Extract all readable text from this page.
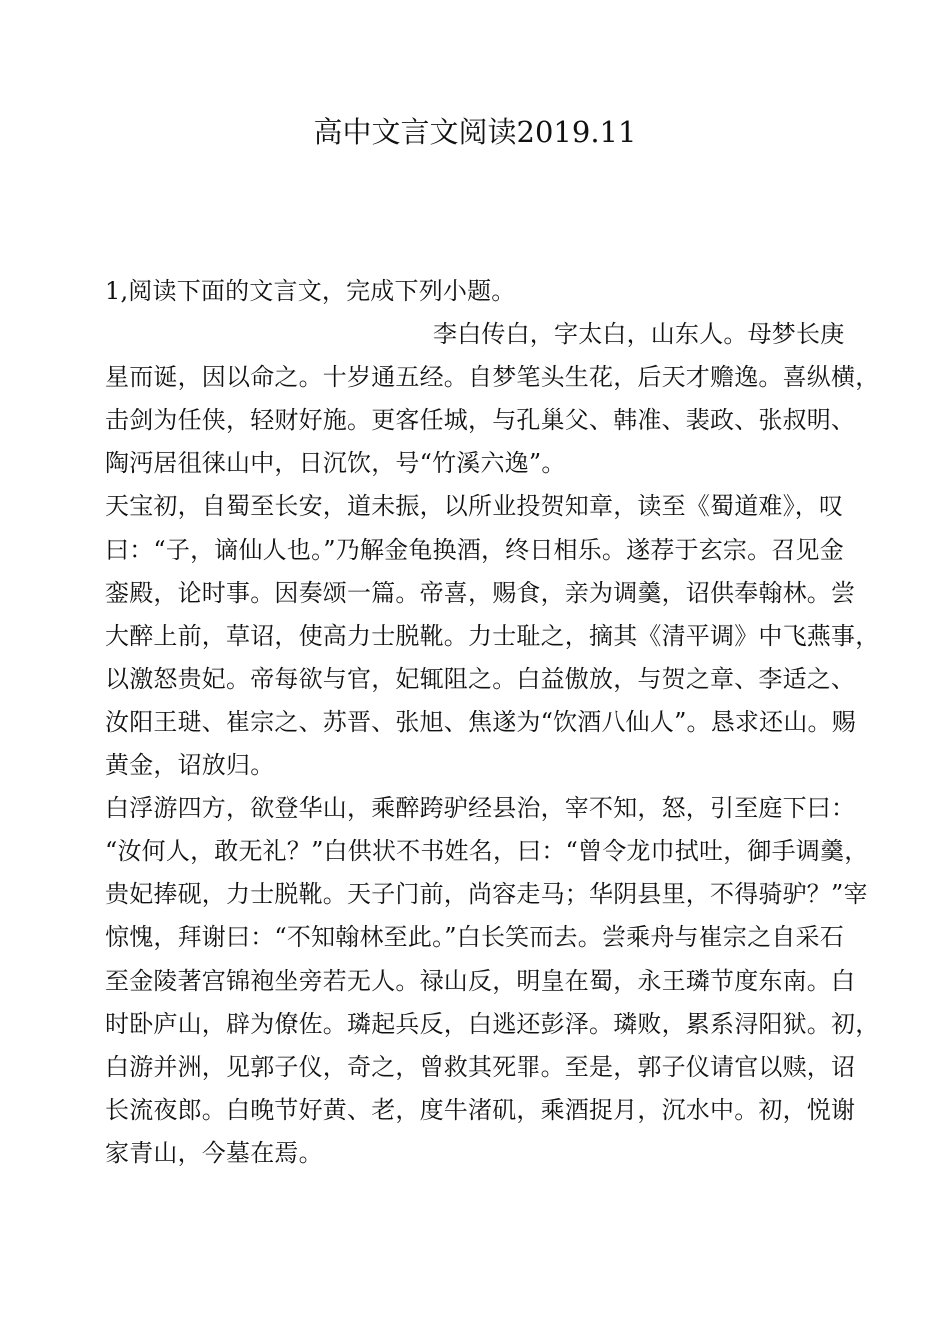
高中文言文阅读2019.11
1,阅读下面的文言文，完成下列小题。
李白传白，字太白，山东人。母梦长庚
星而诞，因以命之。十岁通五经。自梦笔头生花，后天才赡逸。喜纵横，
击剑为任侠，轻财好施。更客任城，与孔巢父、韩准、裴政、张叔明、
陶沔居徂徕山中，日沉饮，号“竹溪六逸”。
天宝初，自蜀至长安，道未振，以所业投贺知章，读至《蜀道难》，叹
曰：“子，谪仙人也。”乃解金龟换酒，终日相乐。遂荐于玄宗。召见金
銮殿，论时事。因奏颂一篇。帝喜，赐食，亲为调羹，诏供奉翰林。尝
大醉上前，草诏，使高力士脱靴。力士耻之，摘其《清平调》中飞燕事，
以激怒贵妃。帝每欲与官，妃辄阻之。白益傲放，与贺之章、李适之、
汝阳王琎、崔宗之、苏晋、张旭、焦遂为“饮酒八仙人”。恳求还山。赐
黄金，诏放归。
白浮游四方，欲登华山，乘醉跨驴经县治，宰不知，怒，引至庭下曰：
“汝何人，敢无礼？”白供状不书姓名，曰：“曾令龙巾拭吐，御手调羹，
贵妃捧砚，力士脱靴。天子门前，尚容走马；华阴县里，不得骑驴？”宰
惊愧，拜谢曰：“不知翰林至此。”白长笑而去。尝乘舟与崔宗之自采石
至金陵著宫锦袍坐旁若无人。禄山反，明皇在蜀，永王璘节度东南。白
时卧庐山，辟为僚佐。璘起兵反，白逃还彭泽。璘败，累系浔阳狱。初，
白游并洲，见郭子仪，奇之，曾救其死罪。至是，郭子仪请官以赎，诏
长流夜郎。白晚节好黄、老，度牛渚矶，乘酒捉月，沉水中。初，悦谢
家青山，今墓在焉。
